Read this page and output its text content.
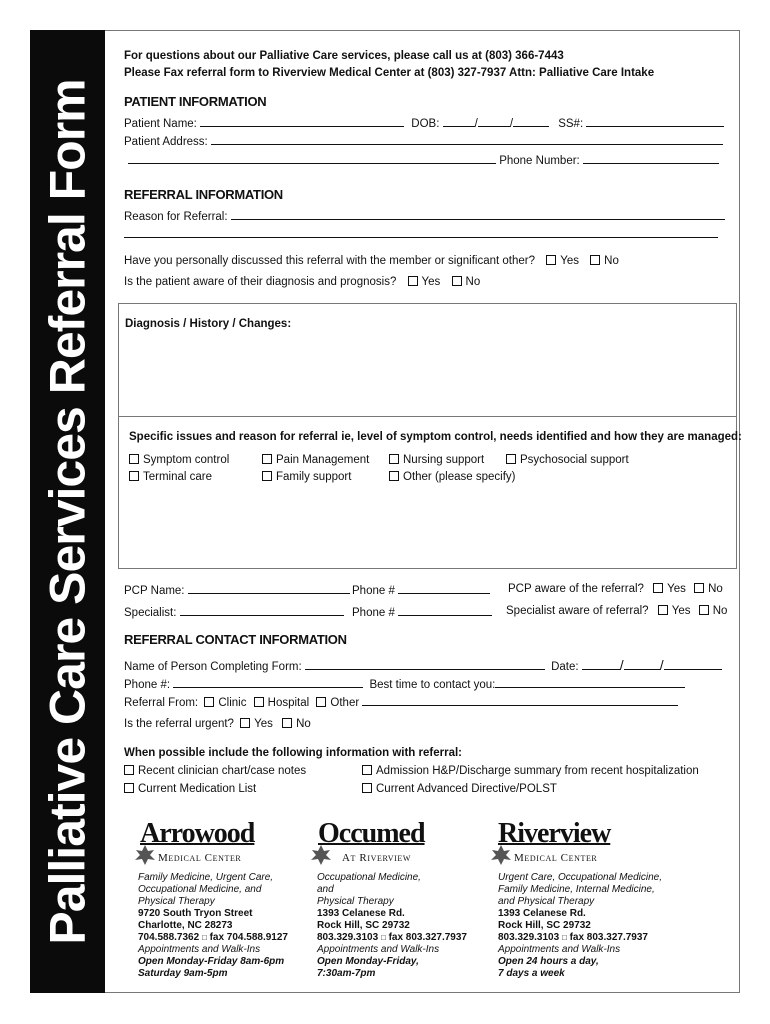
Palliative Care Services Referral Form
For questions about our Palliative Care services, please call us at (803) 366-7443
Please Fax referral form to Riverview Medical Center at (803) 327-7937 Attn: Palliative Care Intake
PATIENT INFORMATION
Patient Name:	DOB:	/	/	SS#:
Patient Address:
Phone Number:
REFERRAL INFORMATION
Reason for Referral:
Have you personally discussed this referral with the member or significant other? Yes No
Is the patient aware of their diagnosis and prognosis? Yes No
Diagnosis / History / Changes:
Specific issues and reason for referral ie, level of symptom control, needs identified and how they are managed:
Symptom control	Pain Management	Nursing support	Psychosocial support
Terminal care	Family support	Other (please specify)
PCP Name:	Phone #	PCP aware of the referral? Yes No
Specialist:	Phone #	Specialist aware of referral? Yes No
REFERRAL CONTACT INFORMATION
Name of Person Completing Form:	Date:	/	/
Phone #:	Best time to contact you:
Referral From: Clinic Hospital Other
Is the referral urgent? Yes No
When possible include the following information with referral:
Recent clinician chart/case notes	Admission H&P/Discharge summary from recent hospitalization
Current Medication List	Current Advanced Directive/POLST
Arrowood
Medical Center
Family Medicine, Urgent Care,
Occupational Medicine, and
Physical Therapy
9720 South Tryon Street
Charlotte, NC 28273
704.588.7362 □ fax 704.588.9127
Appointments and Walk-Ins
Open Monday-Friday 8am-6pm
Saturday 9am-5pm
Occumed
At Riverview
Occupational Medicine,
and
Physical Therapy
1393 Celanese Rd.
Rock Hill, SC 29732
803.329.3103 □ fax 803.327.7937
Appointments and Walk-Ins
Open Monday-Friday,
7:30am-7pm
Riverview
Medical Center
Urgent Care, Occupational Medicine,
Family Medicine, Internal Medicine,
and Physical Therapy
1393 Celanese Rd.
Rock Hill, SC 29732
803.329.3103 □ fax 803.327.7937
Appointments and Walk-Ins
Open 24 hours a day,
7 days a week
